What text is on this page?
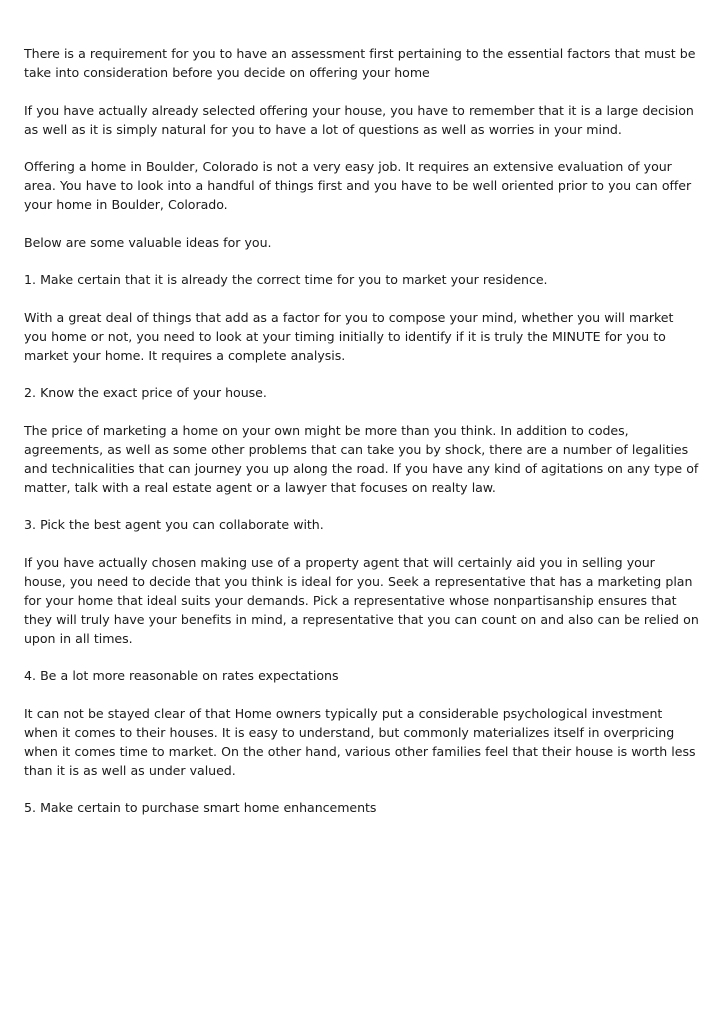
There is a requirement for you to have an assessment first pertaining to the essential factors that must be take into consideration before you decide on offering your home

If you have actually already selected offering your house, you have to remember that it is a large decision as well as it is simply natural for you to have a lot of questions as well as worries in your mind.

Offering a home in Boulder, Colorado is not a very easy job. It requires an extensive evaluation of your area. You have to look into a handful of things first and you have to be well oriented prior to you can offer your home in Boulder, Colorado.

Below are some valuable ideas for you.

1. Make certain that it is already the correct time for you to market your residence.

With a great deal of things that add as a factor for you to compose your mind, whether you will market you home or not, you need to look at your timing initially to identify if it is truly the MINUTE for you to market your home. It requires a complete analysis.

2. Know the exact price of your house.

The price of marketing a home on your own might be more than you think. In addition to codes, agreements, as well as some other problems that can take you by shock, there are a number of legalities and technicalities that can journey you up along the road. If you have any kind of agitations on any type of matter, talk with a real estate agent or a lawyer that focuses on realty law.

3. Pick the best agent you can collaborate with.

If you have actually chosen making use of a property agent that will certainly aid you in selling your house, you need to decide that you think is ideal for you. Seek a representative that has a marketing plan for your home that ideal suits your demands. Pick a representative whose nonpartisanship ensures that they will truly have your benefits in mind, a representative that you can count on and also can be relied on upon in all times.

4. Be a lot more reasonable on rates expectations

It can not be stayed clear of that Home owners typically put a considerable psychological investment when it comes to their houses. It is easy to understand, but commonly materializes itself in overpricing when it comes time to market. On the other hand, various other families feel that their house is worth less than it is as well as under valued.

5. Make certain to purchase smart home enhancements
